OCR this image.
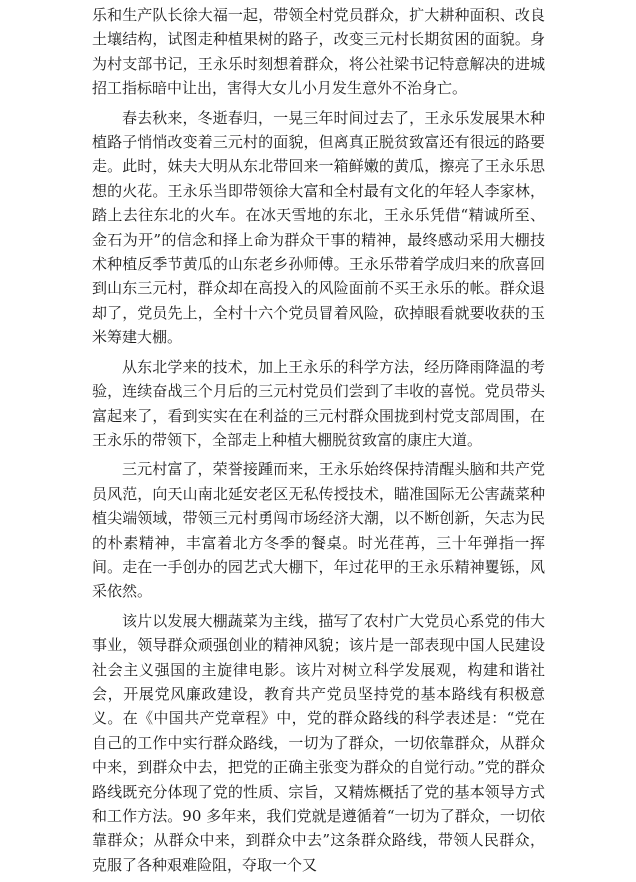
乐和生产队长徐大福一起，带领全村党员群众，扩大耕种面积、改良土壤结构，试图走种植果树的路子，改变三元村长期贫困的面貌。身为村支部书记，王永乐时刻想着群众，将公社梁书记特意解决的进城招工指标暗中让出，害得大女儿小月发生意外不治身亡。

春去秋来，冬逝春归，一晃三年时间过去了，王永乐发展果木种植路子悄悄改变着三元村的面貌，但离真正脱贫致富还有很远的路要走。此时，妹夫大明从东北带回来一箱鲜嫩的黄瓜，擦亮了王永乐思想的火花。王永乐当即带领徐大富和全村最有文化的年轻人李家林，踏上去往东北的火车。在冰天雪地的东北，王永乐凭借“精诚所至、金石为开”的信念和择上命为群众干事的精神，最终感动采用大棚技术种植反季节黄瓜的山东老乡孙师傅。王永乐带着学成归来的欣喜回到山东三元村，群众却在高投入的风险面前不买王永乐的帐。群众退却了，党员先上，全村十六个党员冒着风险，砍掉眼看就要收获的玉米筹建大棚。

从东北学来的技术，加上王永乐的科学方法，经历降雨降温的考验，连续奋战三个月后的三元村党员们尝到了丰收的喜悦。党员带头富起来了，看到实实在在利益的三元村群众围拢到村党支部周围，在王永乐的带领下，全部走上种植大棚脱贫致富的康庄大道。

三元村富了，荣誉接踵而来，王永乐始终保持清醒头脑和共产党员风范，向天山南北延安老区无私传授技术，瞄准国际无公害蔬菜种植尖端领域，带领三元村勇闯市场经济大潮，以不断创新，矢志为民的朴素精神，丰富着北方冬季的餐桌。时光荏苒，三十年弹指一挥间。走在一手创办的园艺式大棚下，年过花甲的王永乐精神矍铄，风采依然。

该片以发展大棚蔬菜为主线，描写了农村广大党员心系党的伟大事业，领导群众顽强创业的精神风貌；该片是一部表现中国人民建设社会主义强国的主旋律电影。该片对树立科学发展观，构建和谐社会，开展党风廉政建设，教育共产党员坚持党的基本路线有积极意义。在《中国共产党章程》中，党的群众路线的科学表述是：“党在自己的工作中实行群众路线，一切为了群众，一切依靠群众，从群众中来，到群众中去，把党的正确主张变为群众的自觉行动。”党的群众路线既充分体现了党的性质、宗旨，又精炼概括了党的基本领导方式和工作方法。90 多年来，我们党就是遵循着“一切为了群众，一切依靠群众；从群众中来，到群众中去”这条群众路线，带领人民群众，克服了各种艰难险阻，夺取一个又
